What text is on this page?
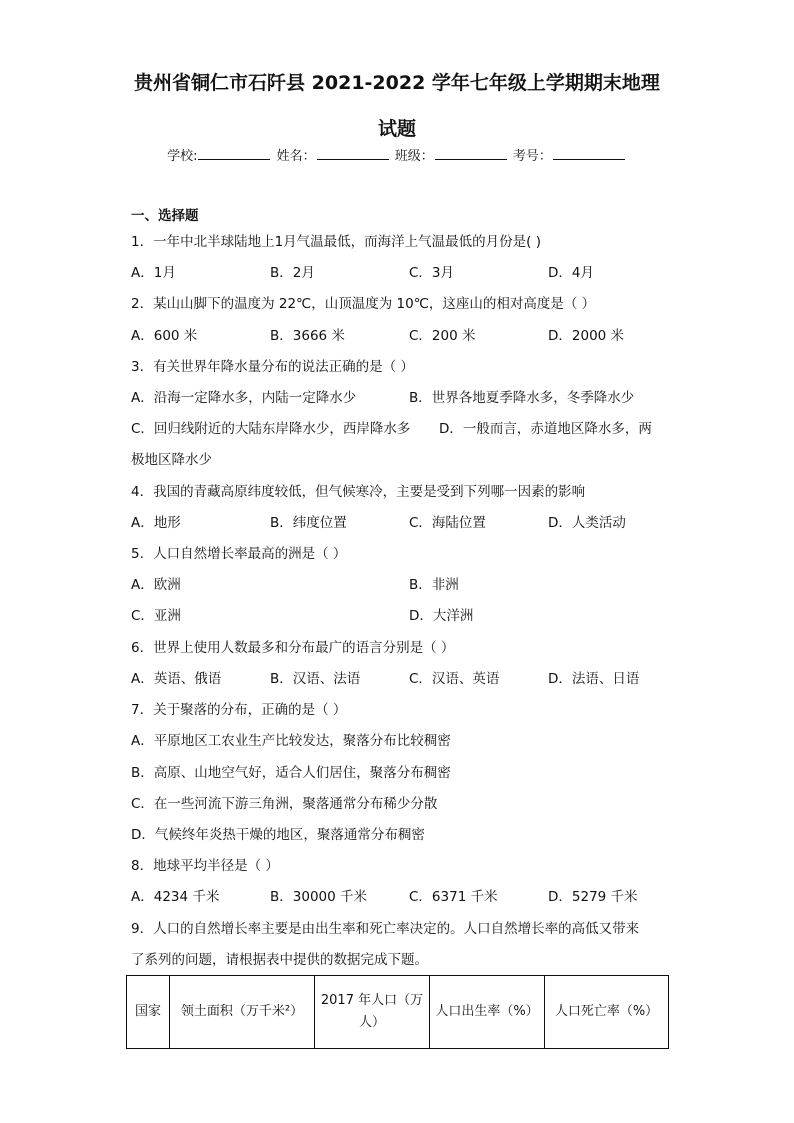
贵州省铜仁市石阡县 2021-2022 学年七年级上学期期末地理
试题
学校:	姓名：	班级：	考号：
一、选择题
1．一年中北半球陆地上1月气温最低，而海洋上气温最低的月份是( )
A．1月	B．2月	C．3月	D．4月
2．某山山脚下的温度为 22℃，山顶温度为 10℃，这座山的相对高度是（ ）
A．600 米	B．3666 米	C．200 米	D．2000 米
3．有关世界年降水量分布的说法正确的是（ ）
A．沿海一定降水多，内陆一定降水少	B．世界各地夏季降水多，冬季降水少
C．回归线附近的大陆东岸降水少，西岸降水多 D．一般而言，赤道地区降水多，两
极地区降水少
4．我国的青藏高原纬度较低，但气候寒冷，主要是受到下列哪一因素的影响
A．地形	B．纬度位置	C．海陆位置	D．人类活动
5．人口自然增长率最高的洲是（ ）
A．欧洲	B．非洲
C．亚洲	D．大洋洲
6．世界上使用人数最多和分布最广的语言分别是（ ）
A．英语、俄语	B．汉语、法语	C．汉语、英语	D．法语、日语
7．关于聚落的分布，正确的是（ ）
A．平原地区工农业生产比较发达，聚落分布比较稠密
B．高原、山地空气好，适合人们居住，聚落分布稠密
C．在一些河流下游三角洲，聚落通常分布稀少分散
D．气候终年炎热干燥的地区，聚落通常分布稠密
8．地球平均半径是（ ）
A．4234 千米	B．30000 千米	C．6371 千米	D．5279 千米
9．人口的自然增长率主要是由出生率和死亡率决定的。人口自然增长率的高低又带来
了系列的问题，请根据表中提供的数据完成下题。
国家	领土面积（万千米²）	2017 年人口（万人）	人口出生率（%）	人口死亡率（%）
